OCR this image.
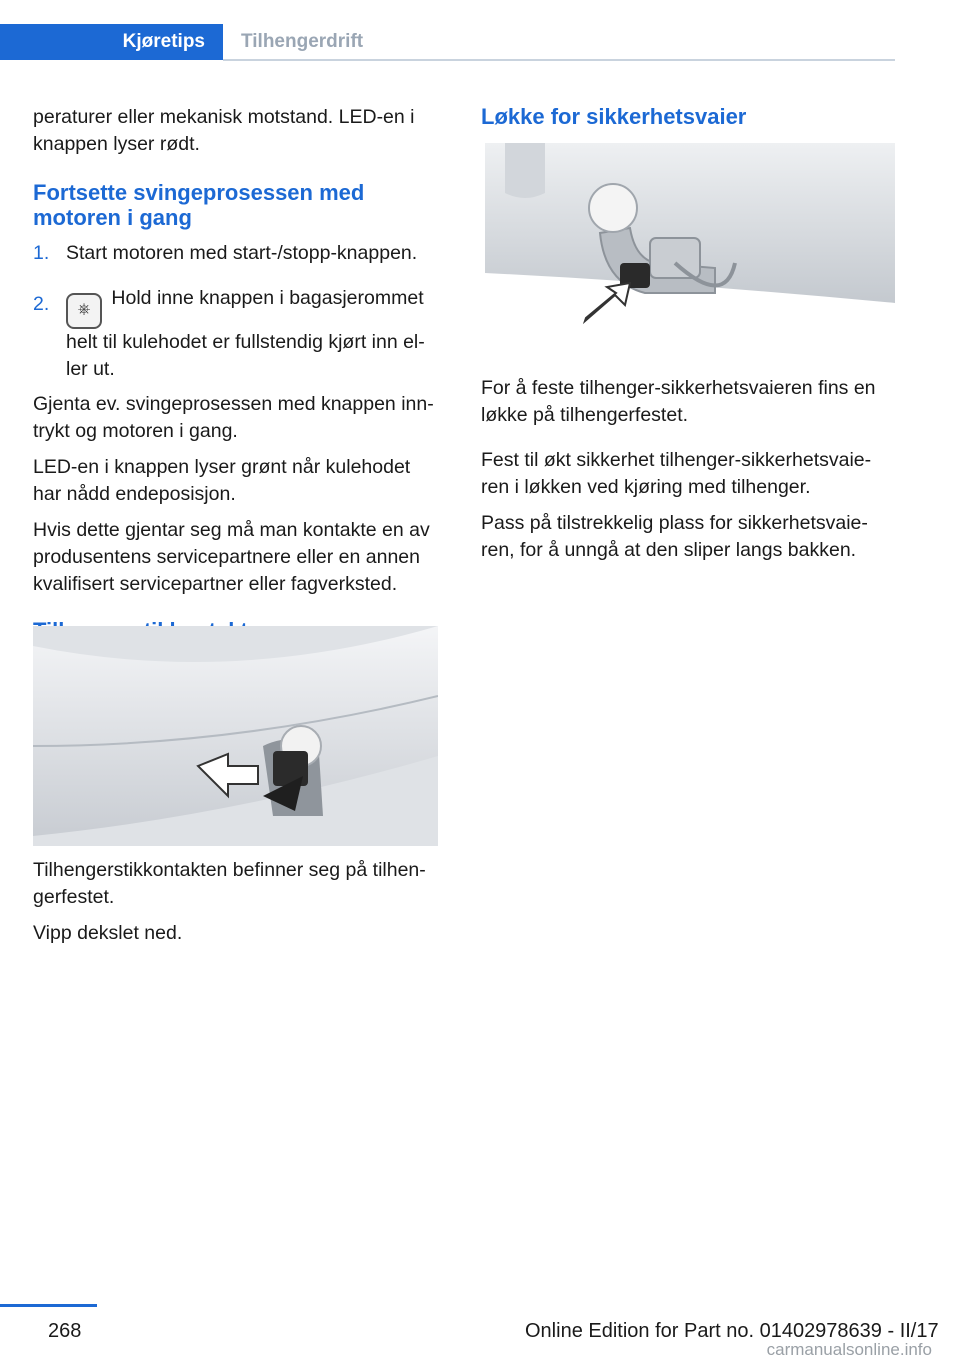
Kjøretips	Tilhengerdrift

peraturer eller mekanisk motstand. LED-en i knappen lyser rødt.

Fortsette svingeprosessen med motoren i gang
1. Start motoren med start-/stopp-knappen.
2. ⎈ Hold inne knappen i bagasjerommet helt til kulehodet er fullstendig kjørt inn el- ler ut.

Gjenta ev. svingeprosessen med knappen inn- trykt og motoren i gang.

LED-en i knappen lyser grønt når kulehodet har nådd endeposisjon.

Hvis dette gjentar seg må man kontakte en av produsentens servicepartnere eller en annen kvalifisert servicepartner eller fagverksted.

Tilhengerstikkontakten befinner seg på tilhen- gerfestet.

Vipp dekslet ned.

Løkke for sikkerhetsvaier

For å feste tilhenger-sikkerhetsvaieren fins en løkke på tilhengerfestet.

Fest til økt sikkerhet tilhenger-sikkerhetsvaie- ren i løkken ved kjøring med tilhenger.

Pass på tilstrekkelig plass for sikkerhetsvaie- ren, for å unngå at den sliper langs bakken.

268	Online Edition for Part no. 01402978639 - II/17
carmanualsonline.info
